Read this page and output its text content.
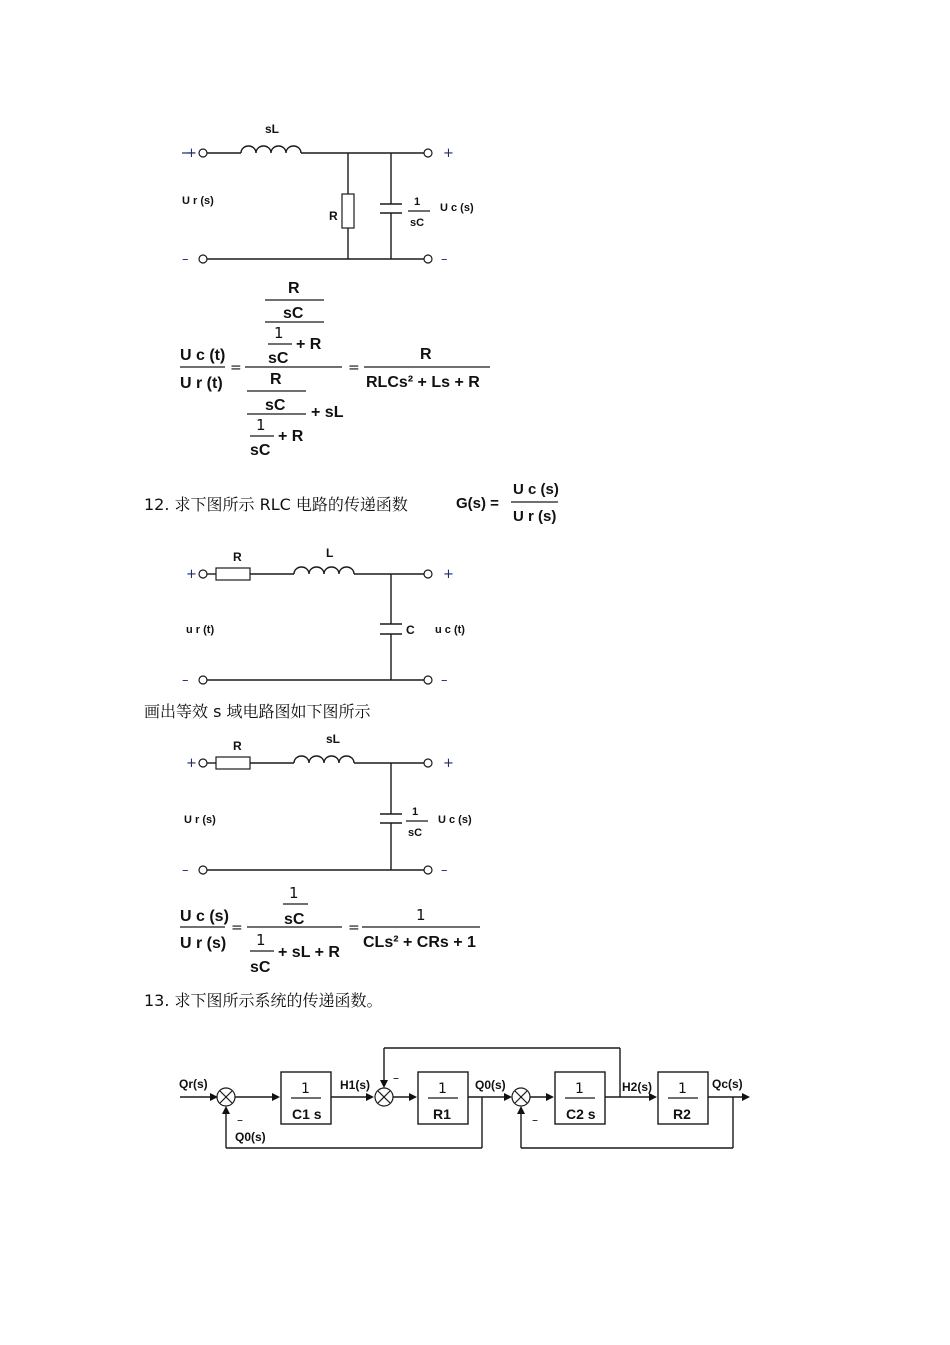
+
sL
+
R
1
sC
U r (s)
U c (s)
–	–
U c (t)
U r (t)
=
R
sC
1
sC
+ R
R
sC
1
sC
+ R
+ sL
=
R
RLCs² + Ls + R
G(s) =
U c (s)
U r (s)
+
R	L
+
C
u r (t)	u c (t)
–	–
+
R	sL
+
1
sC
U r (s)	U c (s)
–	–
U c (s)
U r (s)
=
1
sC
1
sC
+ sL + R
=
1
CLs² + CRs + 1
Qr(s)	1
C1 s
H1(s) –
1
R1
Q0(s)
–
1
C2 s
H2(s) 1
R2
Qc(s)
–
Q0(s)
12. 求下图所示 RLC 电路的传递函数
画出等效 s 域电路图如下图所示
13. 求下图所示系统的传递函数。
